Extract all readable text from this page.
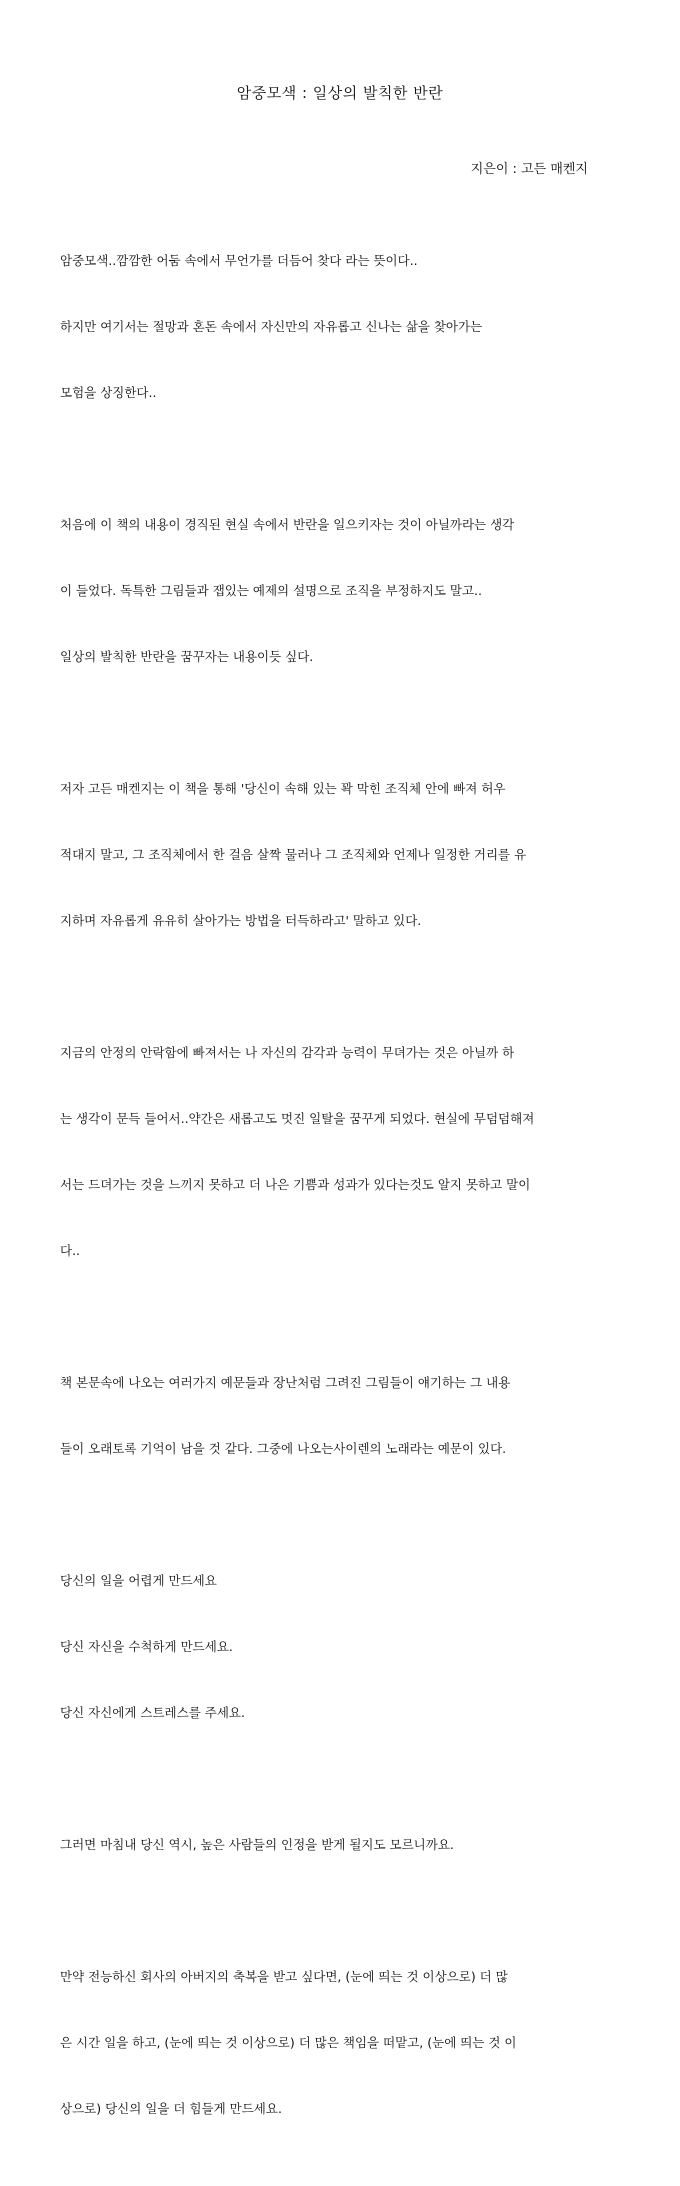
암중모색 : 일상의 발칙한 반란
지은이 : 고든 매켄지

암중모색..깜깜한 어둠 속에서 무언가를 더듬어 찾다 라는 뜻이다..

하지만 여기서는 절망과 혼돈 속에서 자신만의 자유롭고 신나는 삶을 찾아가는

모험을 상징한다..

처음에 이 책의 내용이 경직된 현실 속에서 반란을 일으키자는 것이 아닐까라는 생각

이 들었다. 독특한 그림들과 잽있는 예제의 설명으로 조직을 부정하지도 말고..

일상의 발칙한 반란을 꿈꾸자는 내용이듯 싶다.

저자 고든 매켄지는 이 책을 통해 '당신이 속해 있는 꽉 막힌 조직체 안에 빠져 허우

적대지 말고, 그 조직체에서 한 걸음 살짝 물러나 그 조직체와 언제나 일정한 거리를 유

지하며 자유롭게 유유히 살아가는 방법을 터득하라고' 말하고 있다.

지금의 안정의 안락함에 빠져서는 나 자신의 감각과 능력이 무뎌가는 것은 아닐까 하

는 생각이 문득 들어서..약간은 새롭고도 멋진 일탈을 꿈꾸게 되었다. 현실에 무덤덤해져

서는 드뎌가는 것을 느끼지 못하고 더 나은 기쁨과 성과가 있다는것도 알지 못하고 말이

다..

책 본문속에 나오는 여러가지 예문들과 장난처럼 그려진 그림들이 얘기하는 그 내용

들이 오래토록 기억이 남을 것 같다. 그중에 나오는사이렌의 노래라는 예문이 있다.

당신의 일을 어렵게 만드세요

당신 자신을 수척하게 만드세요.

당신 자신에게 스트레스를 주세요.

그러면 마침내 당신 역시, 높은 사람들의 인정을 받게 될지도 모르니까요.

만약 전능하신 회사의 아버지의 축복을 받고 싶다면, (눈에 띄는 것 이상으로) 더 많

은 시간 일을 하고, (눈에 띄는 것 이상으로) 더 많은 책임을 떠맡고, (눈에 띄는 것 이

상으로) 당신의 일을 더 힘들게 만드세요.
